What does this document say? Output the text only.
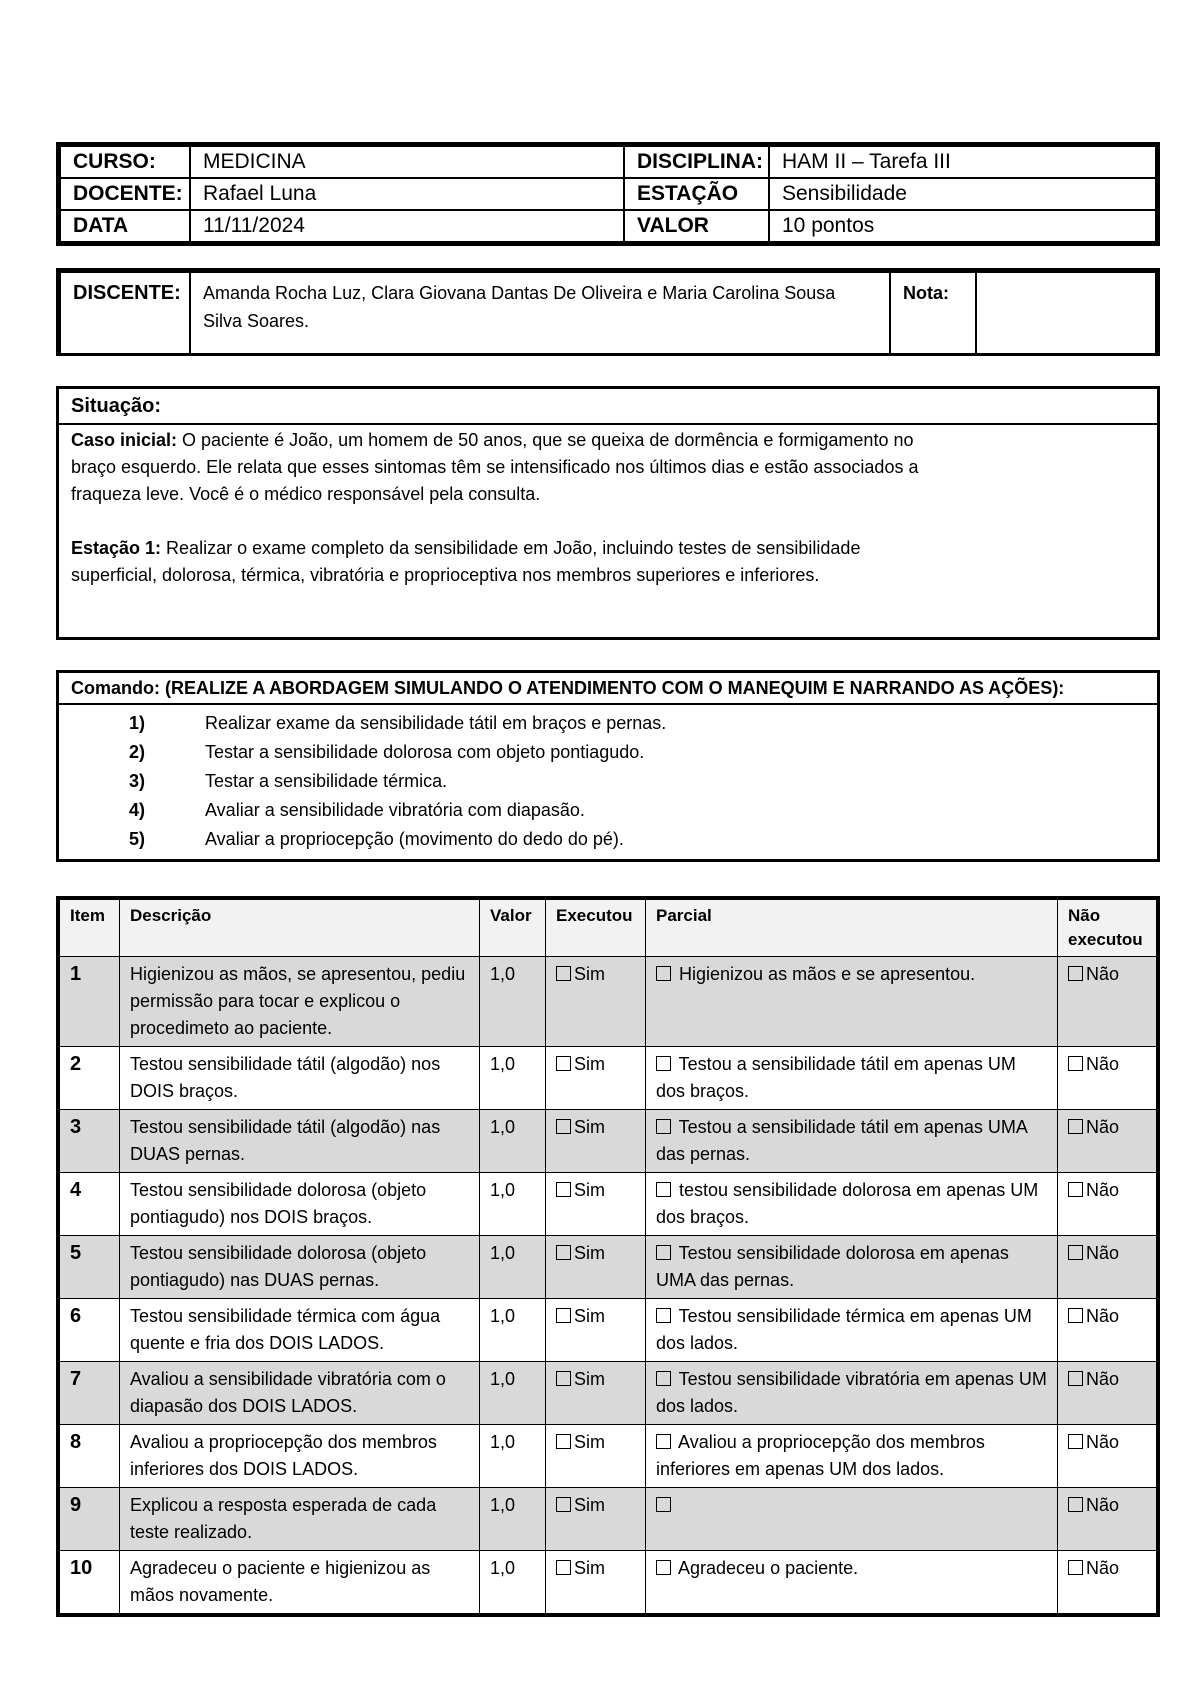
CURSO:	MEDICINA	DISCIPLINA:	HAM II – Tarefa III
DOCENTE:	Rafael Luna	ESTAÇÃO	Sensibilidade
DATA	11/11/2024	VALOR	10 pontos
DISCENTE:	Amanda Rocha Luz, Clara Giovana Dantas De Oliveira e Maria Carolina Sousa Silva Soares.	Nota:	
Situação:

Caso inicial: O paciente é João, um homem de 50 anos, que se queixa de dormência e formigamento no braço esquerdo. Ele relata que esses sintomas têm se intensificado nos últimos dias e estão associados a fraqueza leve. Você é o médico responsável pela consulta.

Estação 1: Realizar o exame completo da sensibilidade em João, incluindo testes de sensibilidade superficial, dolorosa, térmica, vibratória e proprioceptiva nos membros superiores e inferiores.

Comando: (REALIZE A ABORDAGEM SIMULANDO O ATENDIMENTO COM O MANEQUIM E NARRANDO AS AÇÕES):
1)	Realizar exame da sensibilidade tátil em braços e pernas.
2)	Testar a sensibilidade dolorosa com objeto pontiagudo.
3)	Testar a sensibilidade térmica.
4)	Avaliar a sensibilidade vibratória com diapasão.
5)	Avaliar a propriocepção (movimento do dedo do pé).
Item	Descrição	Valor	Executou	Parcial	Não executou
1	Higienizou as mãos, se apresentou, pediu permissão para tocar e explicou o procedimeto ao paciente.	1,0	Sim	Higienizou as mãos e se apresentou.	Não
2	Testou sensibilidade tátil (algodão) nos DOIS braços.	1,0	Sim	Testou a sensibilidade tátil em apenas UM dos braços.	Não
3	Testou sensibilidade tátil (algodão) nas DUAS pernas.	1,0	Sim	Testou a sensibilidade tátil em apenas UMA das pernas.	Não
4	Testou sensibilidade dolorosa (objeto pontiagudo) nos DOIS braços.	1,0	Sim	testou sensibilidade dolorosa em apenas UM dos braços.	Não
5	Testou sensibilidade dolorosa (objeto pontiagudo) nas DUAS pernas.	1,0	Sim	Testou sensibilidade dolorosa em apenas UMA das pernas.	Não
6	Testou sensibilidade térmica com água quente e fria dos DOIS LADOS.	1,0	Sim	Testou sensibilidade térmica em apenas UM dos lados.	Não
7	Avaliou a sensibilidade vibratória com o diapasão dos DOIS LADOS.	1,0	Sim	Testou sensibilidade vibratória em apenas UM dos lados.	Não
8	Avaliou a propriocepção dos membros inferiores dos DOIS LADOS.	1,0	Sim	Avaliou a propriocepção dos membros inferiores em apenas UM dos lados.	Não
9	Explicou a resposta esperada de cada teste realizado.	1,0	Sim		Não
10	Agradeceu o paciente e higienizou as mãos novamente.	1,0	Sim	Agradeceu o paciente.	Não
